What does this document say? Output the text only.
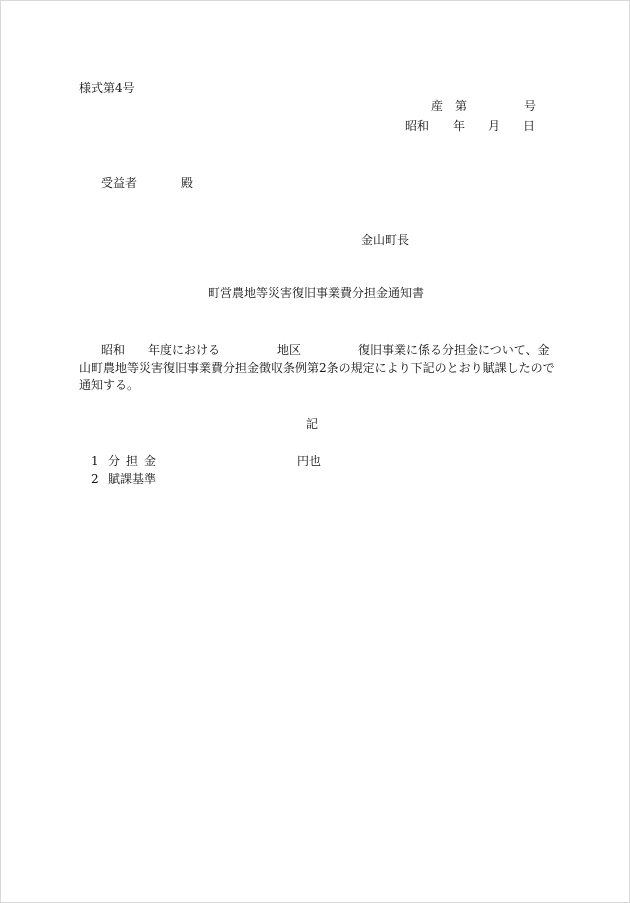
様式第4号
産　第	号
昭和 年 月 日
受益者	殿
金山町長
町営農地等災害復旧事業費分担金通知書
昭和 年度における	地区	復旧事業に係る分担金について、金
山町農地等災害復旧事業費分担金徴収条例第2条の規定により下記のとおり賦課したので
通知する。
記
1 分担金	円也
2 賦課基準
